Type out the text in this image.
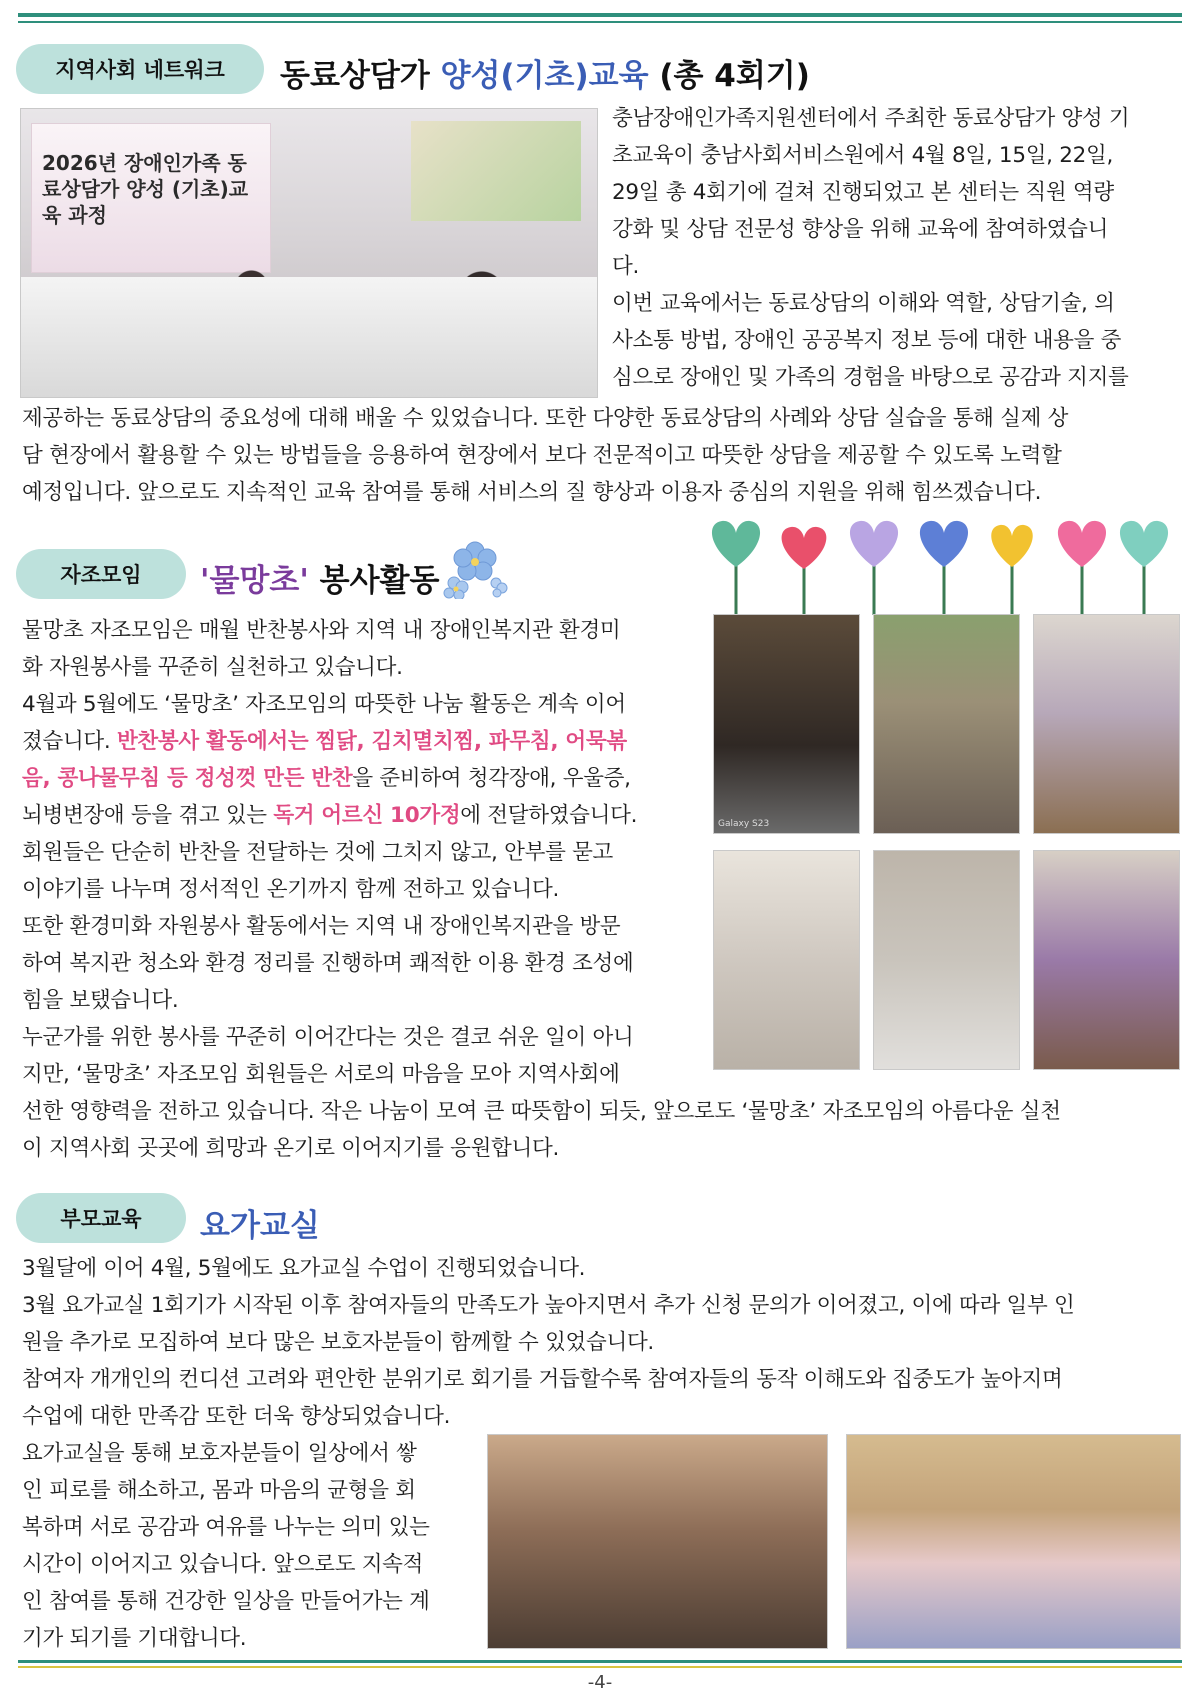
지역사회 네트워크 동료상담가 양성(기초)교육 (총 4회기)
2026년 장애인가족 동료상담가 양성 (기초)교육 과정

충남장애인가족지원센터에서 주최한 동료상담가 양성 기

초교육이 충남사회서비스원에서 4월 8일, 15일, 22일,

29일 총 4회기에 걸쳐 진행되었고 본 센터는 직원 역량

강화 및 상담 전문성 향상을 위해 교육에 참여하였습니

다.

이번 교육에서는 동료상담의 이해와 역할, 상담기술, 의

사소통 방법, 장애인 공공복지 정보 등에 대한 내용을 중

심으로 장애인 및 가족의 경험을 바탕으로 공감과 지지를

제공하는 동료상담의 중요성에 대해 배울 수 있었습니다. 또한 다양한 동료상담의 사례와 상담 실습을 통해 실제 상

담 현장에서 활용할 수 있는 방법들을 응용하여 현장에서 보다 전문적이고 따뜻한 상담을 제공할 수 있도록 노력할

예정입니다. 앞으로도 지속적인 교육 참여를 통해 서비스의 질 향상과 이용자 중심의 지원을 위해 힘쓰겠습니다.

자조모임 '물망초' 봉사활동
Galaxy S23

물망초 자조모임은 매월 반찬봉사와 지역 내 장애인복지관 환경미

화 자원봉사를 꾸준히 실천하고 있습니다.

4월과 5월에도 ‘물망초’ 자조모임의 따뜻한 나눔 활동은 계속 이어

졌습니다. 반찬봉사 활동에서는 찜닭, 김치멸치찜, 파무침, 어묵볶

음, 콩나물무침 등 정성껏 만든 반찬을 준비하여 청각장애, 우울증,

뇌병변장애 등을 겪고 있는 독거 어르신 10가정에 전달하였습니다.

회원들은 단순히 반찬을 전달하는 것에 그치지 않고, 안부를 묻고

이야기를 나누며 정서적인 온기까지 함께 전하고 있습니다.

또한 환경미화 자원봉사 활동에서는 지역 내 장애인복지관을 방문

하여 복지관 청소와 환경 정리를 진행하며 쾌적한 이용 환경 조성에

힘을 보탰습니다.

누군가를 위한 봉사를 꾸준히 이어간다는 것은 결코 쉬운 일이 아니

지만, ‘물망초’ 자조모임 회원들은 서로의 마음을 모아 지역사회에

선한 영향력을 전하고 있습니다. 작은 나눔이 모여 큰 따뜻함이 되듯, 앞으로도 ‘물망초’ 자조모임의 아름다운 실천

이 지역사회 곳곳에 희망과 온기로 이어지기를 응원합니다.

부모교육 요가교실

3월달에 이어 4월, 5월에도 요가교실 수업이 진행되었습니다.

3월 요가교실 1회기가 시작된 이후 참여자들의 만족도가 높아지면서 추가 신청 문의가 이어졌고, 이에 따라 일부 인

원을 추가로 모집하여 보다 많은 보호자분들이 함께할 수 있었습니다.

참여자 개개인의 컨디션 고려와 편안한 분위기로 회기를 거듭할수록 참여자들의 동작 이해도와 집중도가 높아지며

수업에 대한 만족감 또한 더욱 향상되었습니다.

요가교실을 통해 보호자분들이 일상에서 쌓

인 피로를 해소하고, 몸과 마음의 균형을 회

복하며 서로 공감과 여유를 나누는 의미 있는

시간이 이어지고 있습니다. 앞으로도 지속적

인 참여를 통해 건강한 일상을 만들어가는 계

기가 되기를 기대합니다.

-4-
